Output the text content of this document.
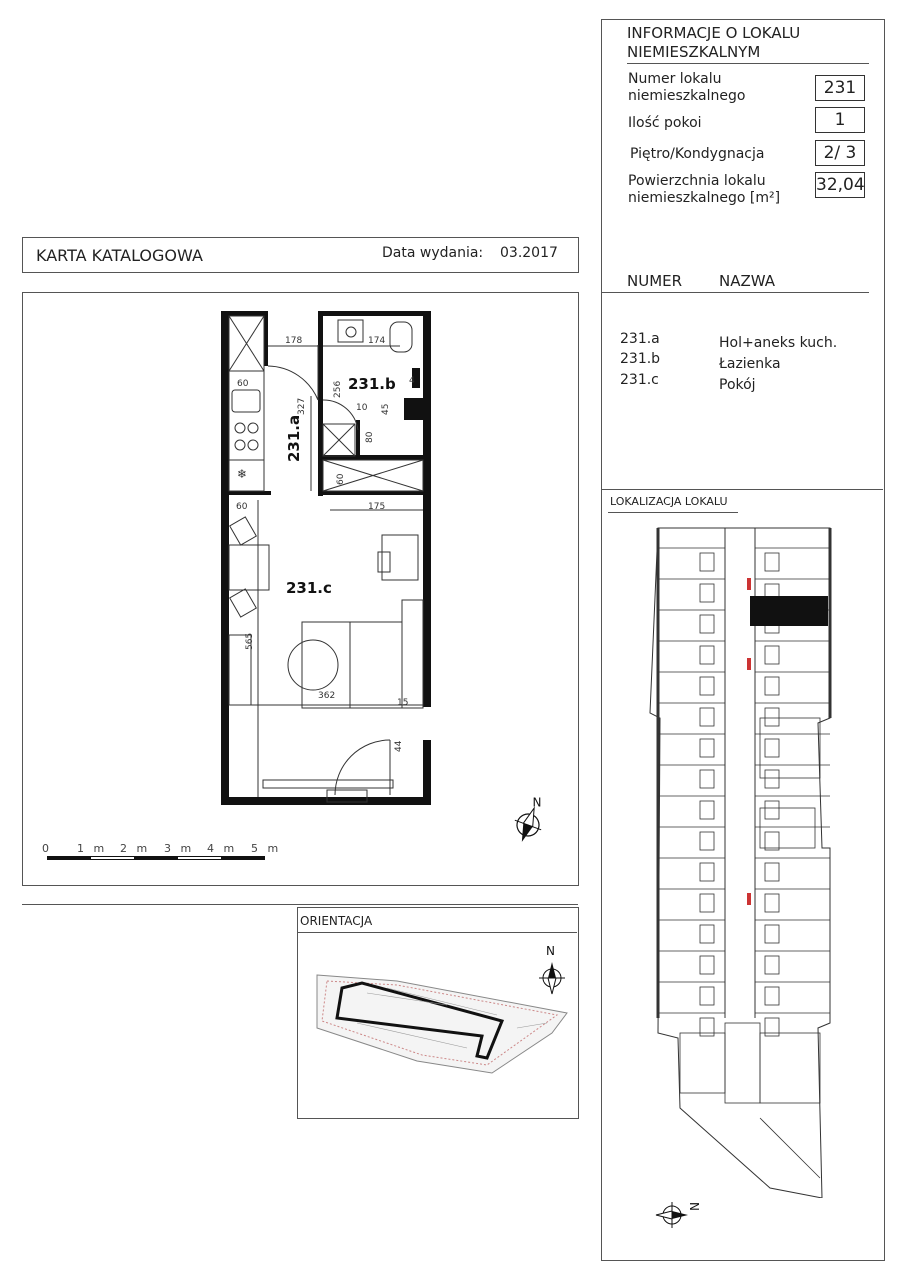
KARTA KATALOGOWA	Data wydania: 03.2017
60
❄
178	174
256
327	45
10
4
80
60
60	175
565
362
15
44
231.b
231.a
231.c
0 1 m 2 m 3 m 4 m 5 m
N
ORIENTACJA
N
INFORMACJE O LOKALU
NIEMIESZKALNYM
Numer lokalu
niemieszkalnego	231
Ilość pokoi	1
Piętro/Kondygnacja	2/ 3
Powierzchnia lokalu
niemieszkalnego [m²]
32,04
NUMER NAZWA
231.a	Hol+aneks kuch.
231.b	Łazienka
231.c	Pokój
LOKALIZACJA LOKALU
N
